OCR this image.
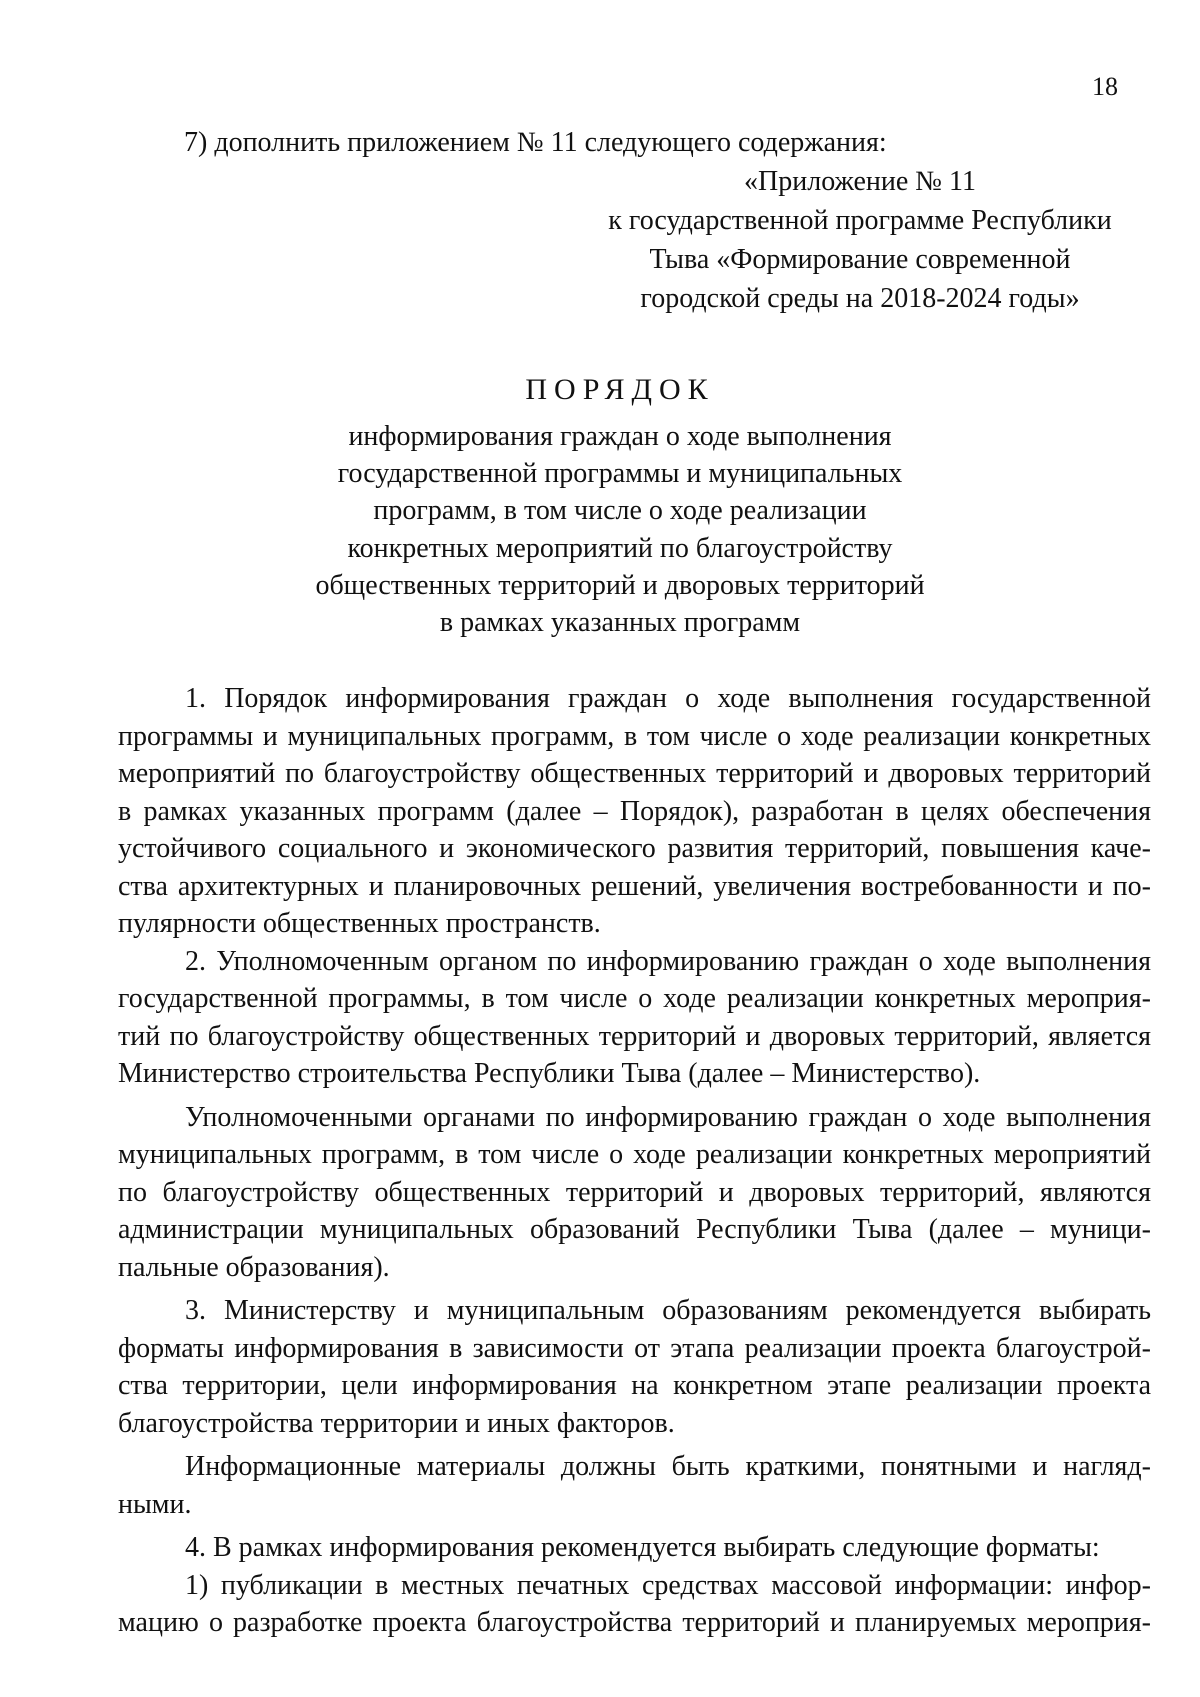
18
7) дополнить приложением № 11 следующего содержания:
«Приложение № 11
к государственной программе Республики
Тыва «Формирование современной
городской среды на 2018-2024 годы»
ПОРЯДОК
информирования граждан о ходе выполнения
государственной программы и муниципальных
программ, в том числе о ходе реализации
конкретных мероприятий по благоустройству
общественных территорий и дворовых территорий
в рамках указанных программ
1. Порядок информирования граждан о ходе выполнения государственной
программы и муниципальных программ, в том числе о ходе реализации конкретных
мероприятий по благоустройству общественных территорий и дворовых территорий
в рамках указанных программ (далее – Порядок), разработан в целях обеспечения
устойчивого социального и экономического развития территорий, повышения каче-
ства архитектурных и планировочных решений, увеличения востребованности и по-
пулярности общественных пространств.
2. Уполномоченным органом по информированию граждан о ходе выполнения
государственной программы, в том числе о ходе реализации конкретных мероприя-
тий по благоустройству общественных территорий и дворовых территорий, является
Министерство строительства Республики Тыва (далее – Министерство).
Уполномоченными органами по информированию граждан о ходе выполнения
муниципальных программ, в том числе о ходе реализации конкретных мероприятий
по благоустройству общественных территорий и дворовых территорий, являются
администрации муниципальных образований Республики Тыва (далее – муници-
пальные образования).
3. Министерству и муниципальным образованиям рекомендуется выбирать
форматы информирования в зависимости от этапа реализации проекта благоустрой-
ства территории, цели информирования на конкретном этапе реализации проекта
благоустройства территории и иных факторов.
Информационные материалы должны быть краткими, понятными и нагляд-
ными.
4. В рамках информирования рекомендуется выбирать следующие форматы:
1) публикации в местных печатных средствах массовой информации: инфор-
мацию о разработке проекта благоустройства территорий и планируемых мероприя-
